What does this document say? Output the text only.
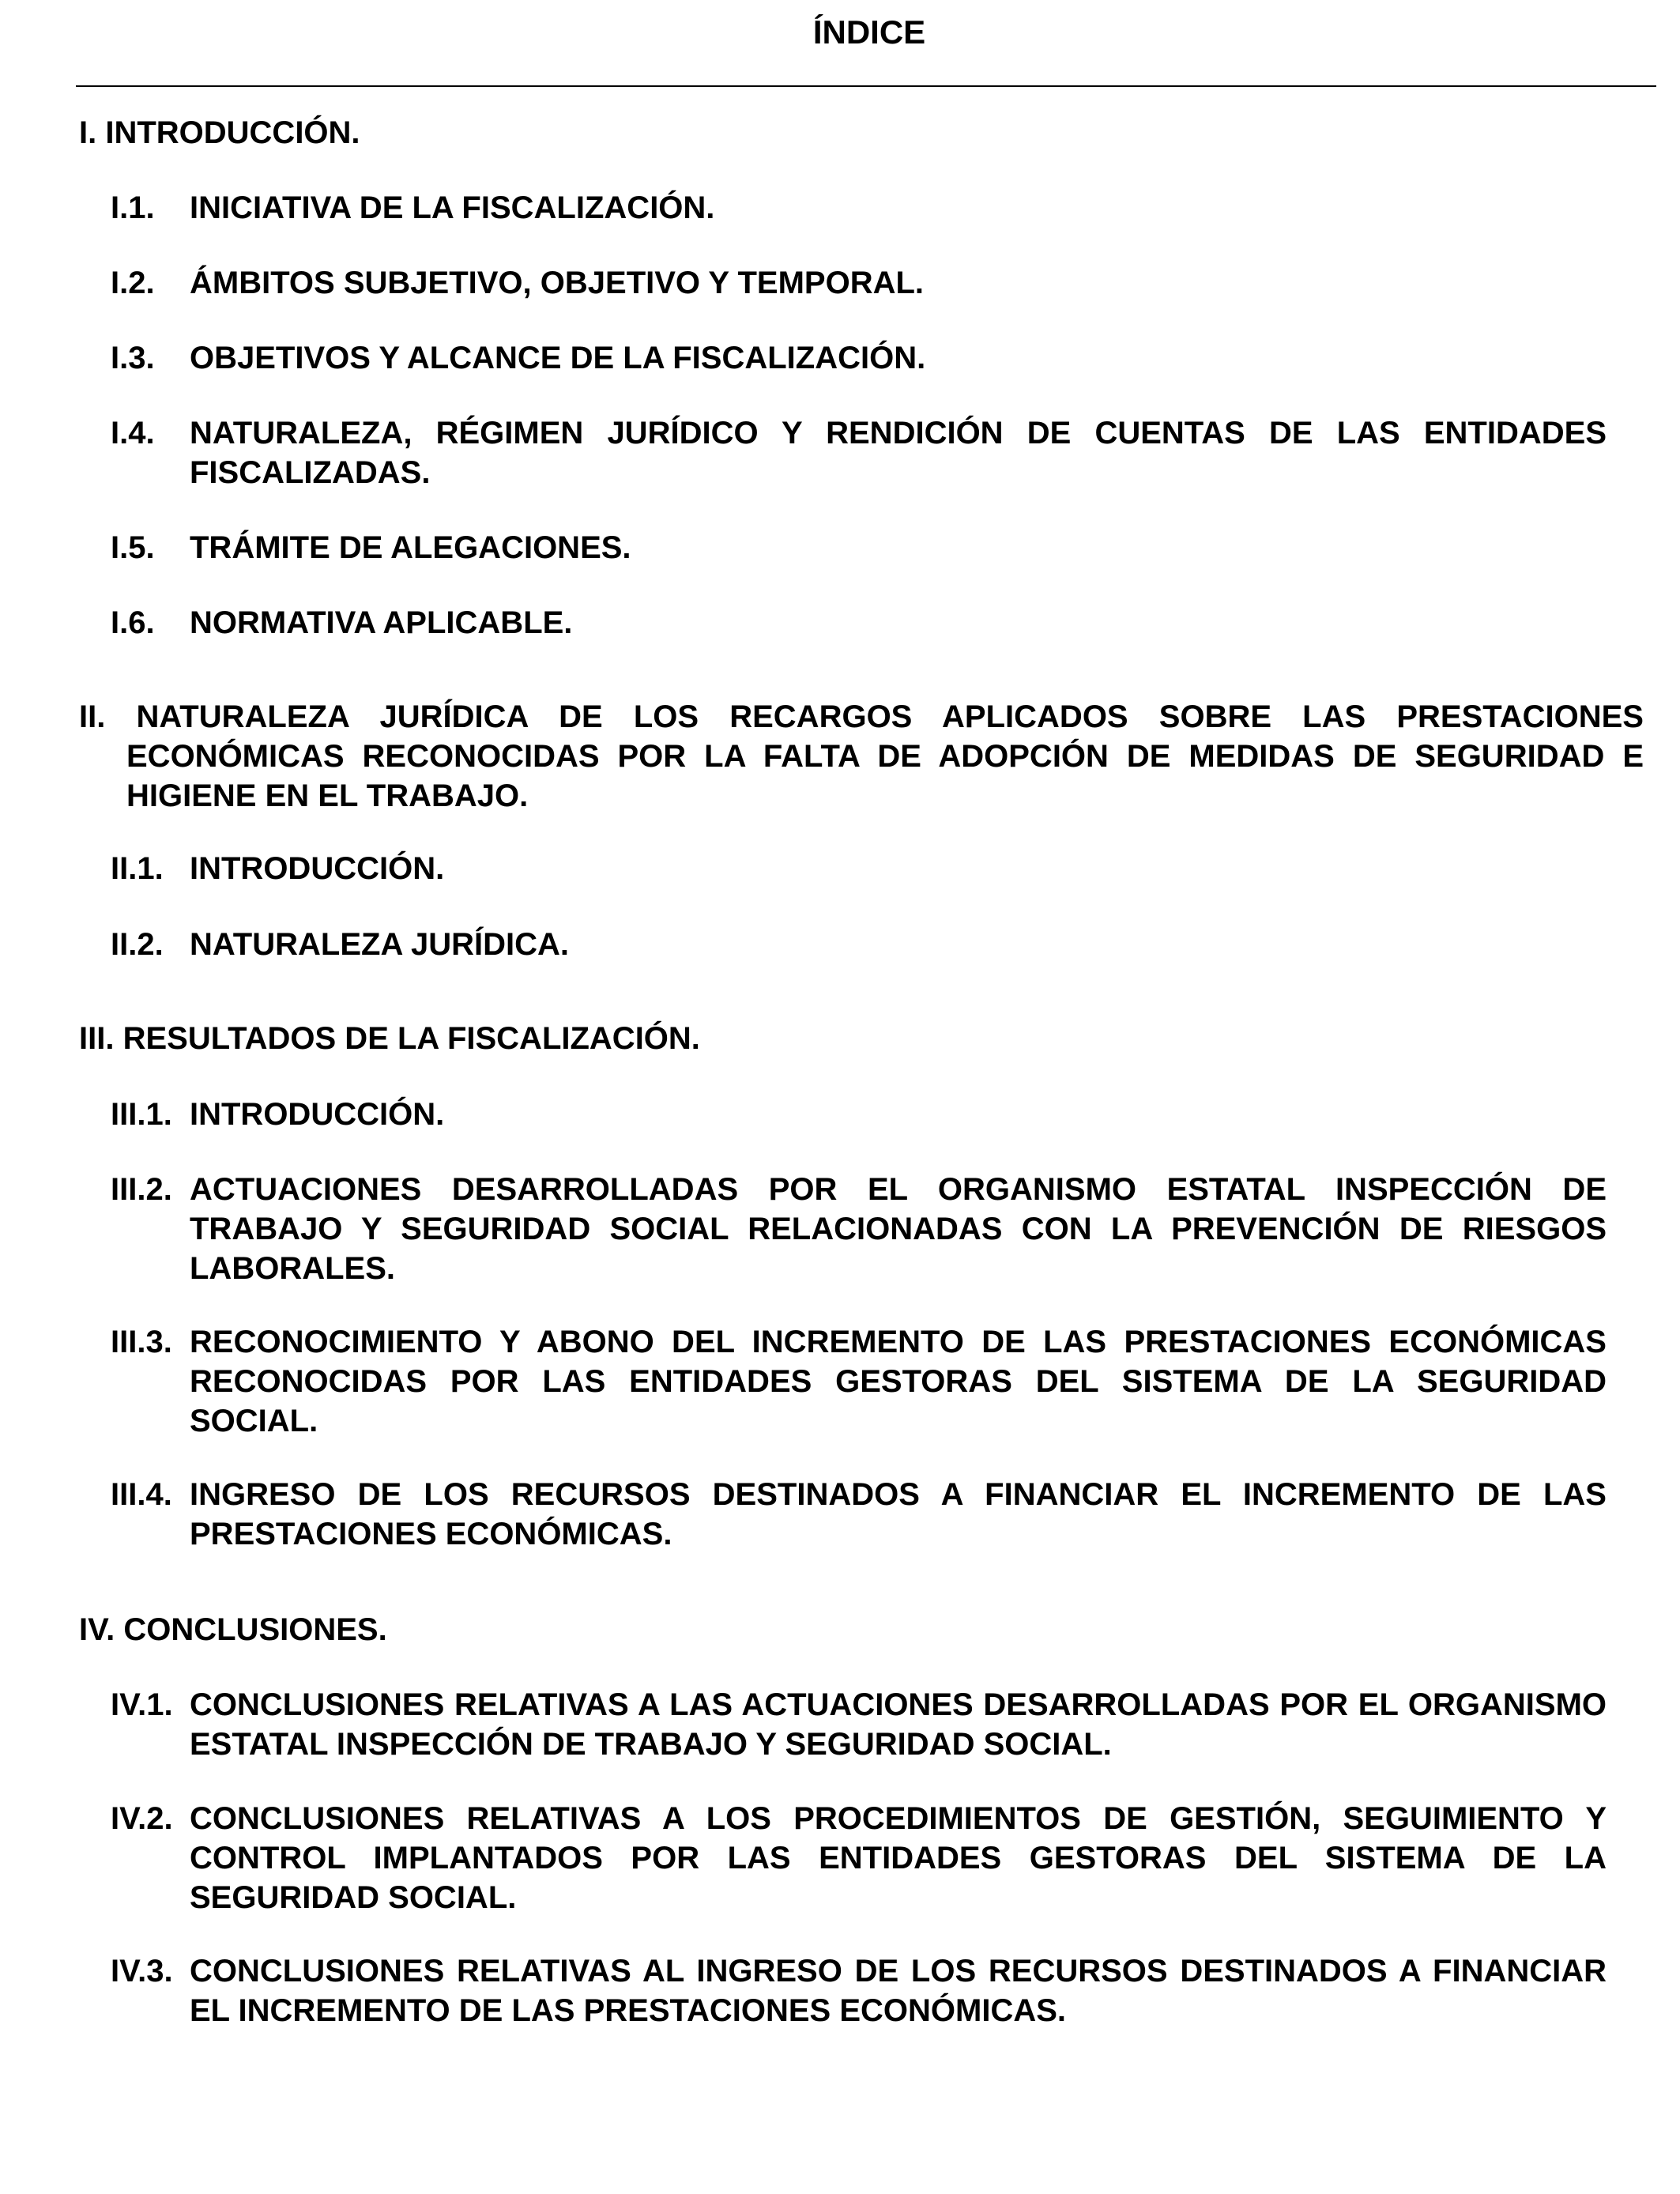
ÍNDICE
I. INTRODUCCIÓN.
I.1.	INICIATIVA DE LA FISCALIZACIÓN.
I.2.	ÁMBITOS SUBJETIVO, OBJETIVO Y TEMPORAL.
I.3.	OBJETIVOS Y ALCANCE DE LA FISCALIZACIÓN.
I.4.	NATURALEZA, RÉGIMEN JURÍDICO Y RENDICIÓN DE CUENTAS DE LAS ENTIDADES FISCALIZADAS.
I.5.	TRÁMITE DE ALEGACIONES.
I.6.	NORMATIVA APLICABLE.
II. NATURALEZA JURÍDICA DE LOS RECARGOS APLICADOS SOBRE LAS PRESTACIONES ECONÓMICAS RECONOCIDAS POR LA FALTA DE ADOPCIÓN DE MEDIDAS DE SEGURIDAD E HIGIENE EN EL TRABAJO.
II.1. INTRODUCCIÓN.
II.2. NATURALEZA JURÍDICA.
III. RESULTADOS DE LA FISCALIZACIÓN.
III.1. INTRODUCCIÓN.
III.2. ACTUACIONES DESARROLLADAS POR EL ORGANISMO ESTATAL INSPECCIÓN DE TRABAJO Y SEGURIDAD SOCIAL RELACIONADAS CON LA PREVENCIÓN DE RIESGOS LABORALES.
III.3. RECONOCIMIENTO Y ABONO DEL INCREMENTO DE LAS PRESTACIONES ECONÓMICAS RECONOCIDAS POR LAS ENTIDADES GESTORAS DEL SISTEMA DE LA SEGURIDAD SOCIAL.
III.4. INGRESO DE LOS RECURSOS DESTINADOS A FINANCIAR EL INCREMENTO DE LAS PRESTACIONES ECONÓMICAS.
IV. CONCLUSIONES.
IV.1. CONCLUSIONES RELATIVAS A LAS ACTUACIONES DESARROLLADAS POR EL ORGANISMO ESTATAL INSPECCIÓN DE TRABAJO Y SEGURIDAD SOCIAL.
IV.2. CONCLUSIONES RELATIVAS A LOS PROCEDIMIENTOS DE GESTIÓN, SEGUIMIENTO Y CONTROL IMPLANTADOS POR LAS ENTIDADES GESTORAS DEL SISTEMA DE LA SEGURIDAD SOCIAL.
IV.3. CONCLUSIONES RELATIVAS AL INGRESO DE LOS RECURSOS DESTINADOS A FINANCIAR EL INCREMENTO DE LAS PRESTACIONES ECONÓMICAS.
